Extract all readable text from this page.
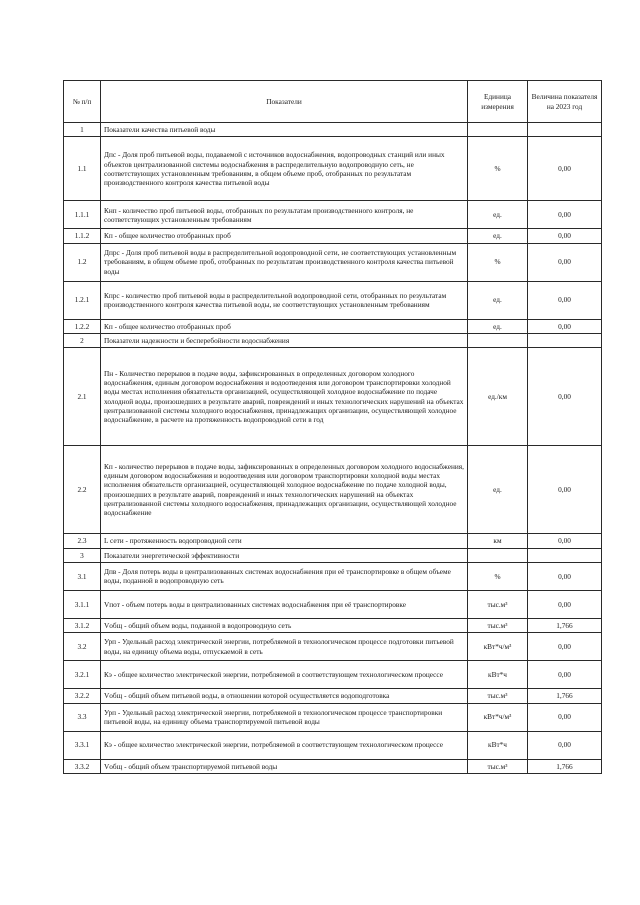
№ п/п	Показатели	Единица измерения	Величина показателя на 2023 год
1	Показатели качества питьевой воды		
1.1	Дпс - Доля проб питьевой воды, подаваемой с источников водоснабжения, водопроводных станций или иных объектов централизованной системы водоснабжения в распределительную водопроводную сеть, не соответствующих установленным требованиям, в общем объеме проб, отобранных по результатам производственного контроля качества питьевой воды	%	0,00
1.1.1	Кнп - количество проб питьевой воды, отобранных по результатам производственного контроля, не соответствующих установленным требованиям	ед.	0,00
1.1.2	Кп - общее количество отобранных проб	ед.	0,00
1.2	Дпрс - Доля проб питьевой воды в распределительной водопроводной сети, не соответствующих установленным требованиям, в общем объеме проб, отобранных по результатам производственного контроля качества питьевой воды	%	0,00
1.2.1	Кпрс - количество проб питьевой воды в распределительной водопроводной сети, отобранных по результатам производственного контроля качества питьевой воды, не соответствующих установленным требованиям	ед.	0,00
1.2.2	Кп - общее количество отобранных проб	ед.	0,00
2	Показатели надежности и бесперебойности водоснабжения		
2.1	Пн - Количество перерывов в подаче воды, зафиксированных в определенных договором холодного водоснабжения, единым договором водоснабжения и водоотведения или договором транспортировки холодной воды местах исполнения обязательств организацией, осуществляющей холодное водоснабжение по подаче холодной воды, произошедших в результате аварий, повреждений и иных технологических нарушений на объектах централизованной системы холодного водоснабжения, принадлежащих организации, осуществляющей холодное водоснабжение, в расчете на протяженность водопроводной сети в год	ед./км	0,00
2.2	Кп - количество перерывов в подаче воды, зафиксированных в определенных договором холодного водоснабжения, единым договором водоснабжения и водоотведения или договором транспортировки холодной воды местах исполнения обязательств организацией, осуществляющей холодное водоснабжение по подаче холодной воды, произошедших в результате аварий, повреждений и иных технологических нарушений на объектах централизованной системы холодного водоснабжения, принадлежащих организации, осуществляющей холодное водоснабжение	ед.	0,00
2.3	L сети - протяженность водопроводной сети	км	0,00
3	Показатели энергетической эффективности		
3.1	Дпв - Доля потерь воды в централизованных системах водоснабжения при её транспортировке в общем объеме воды, поданной в водопроводную сеть	%	0,00
3.1.1	Vпот - объем потерь воды в централизованных системах водоснабжения при её транспортировке	тыс.м³	0,00
3.1.2	Vобщ - общий объем воды, поданной в водопроводную сеть	тыс.м³	1,766
3.2	Урп - Удельный расход электрической энергии, потребляемой в технологическом процессе подготовки питьевой воды, на единицу объема воды, отпускаемой в сеть	кВт*ч/м³	0,00
3.2.1	Кэ - общее количество электрической энергии, потребляемой в соответствующем технологическом процессе	кВт*ч	0,00
3.2.2	Vобщ - общий объем питьевой воды, в отношении которой осуществляется водоподготовка	тыс.м³	1,766
3.3	Урп - Удельный расход электрической энергии, потребляемой в технологическом процессе транспортировки питьевой воды, на единицу объема транспортируемой питьевой воды	кВт*ч/м³	0,00
3.3.1	Кэ - общее количество электрической энергии, потребляемой в соответствующем технологическом процессе	кВт*ч	0,00
3.3.2	Vобщ - общий объем транспортируемой питьевой воды	тыс.м³	1,766
